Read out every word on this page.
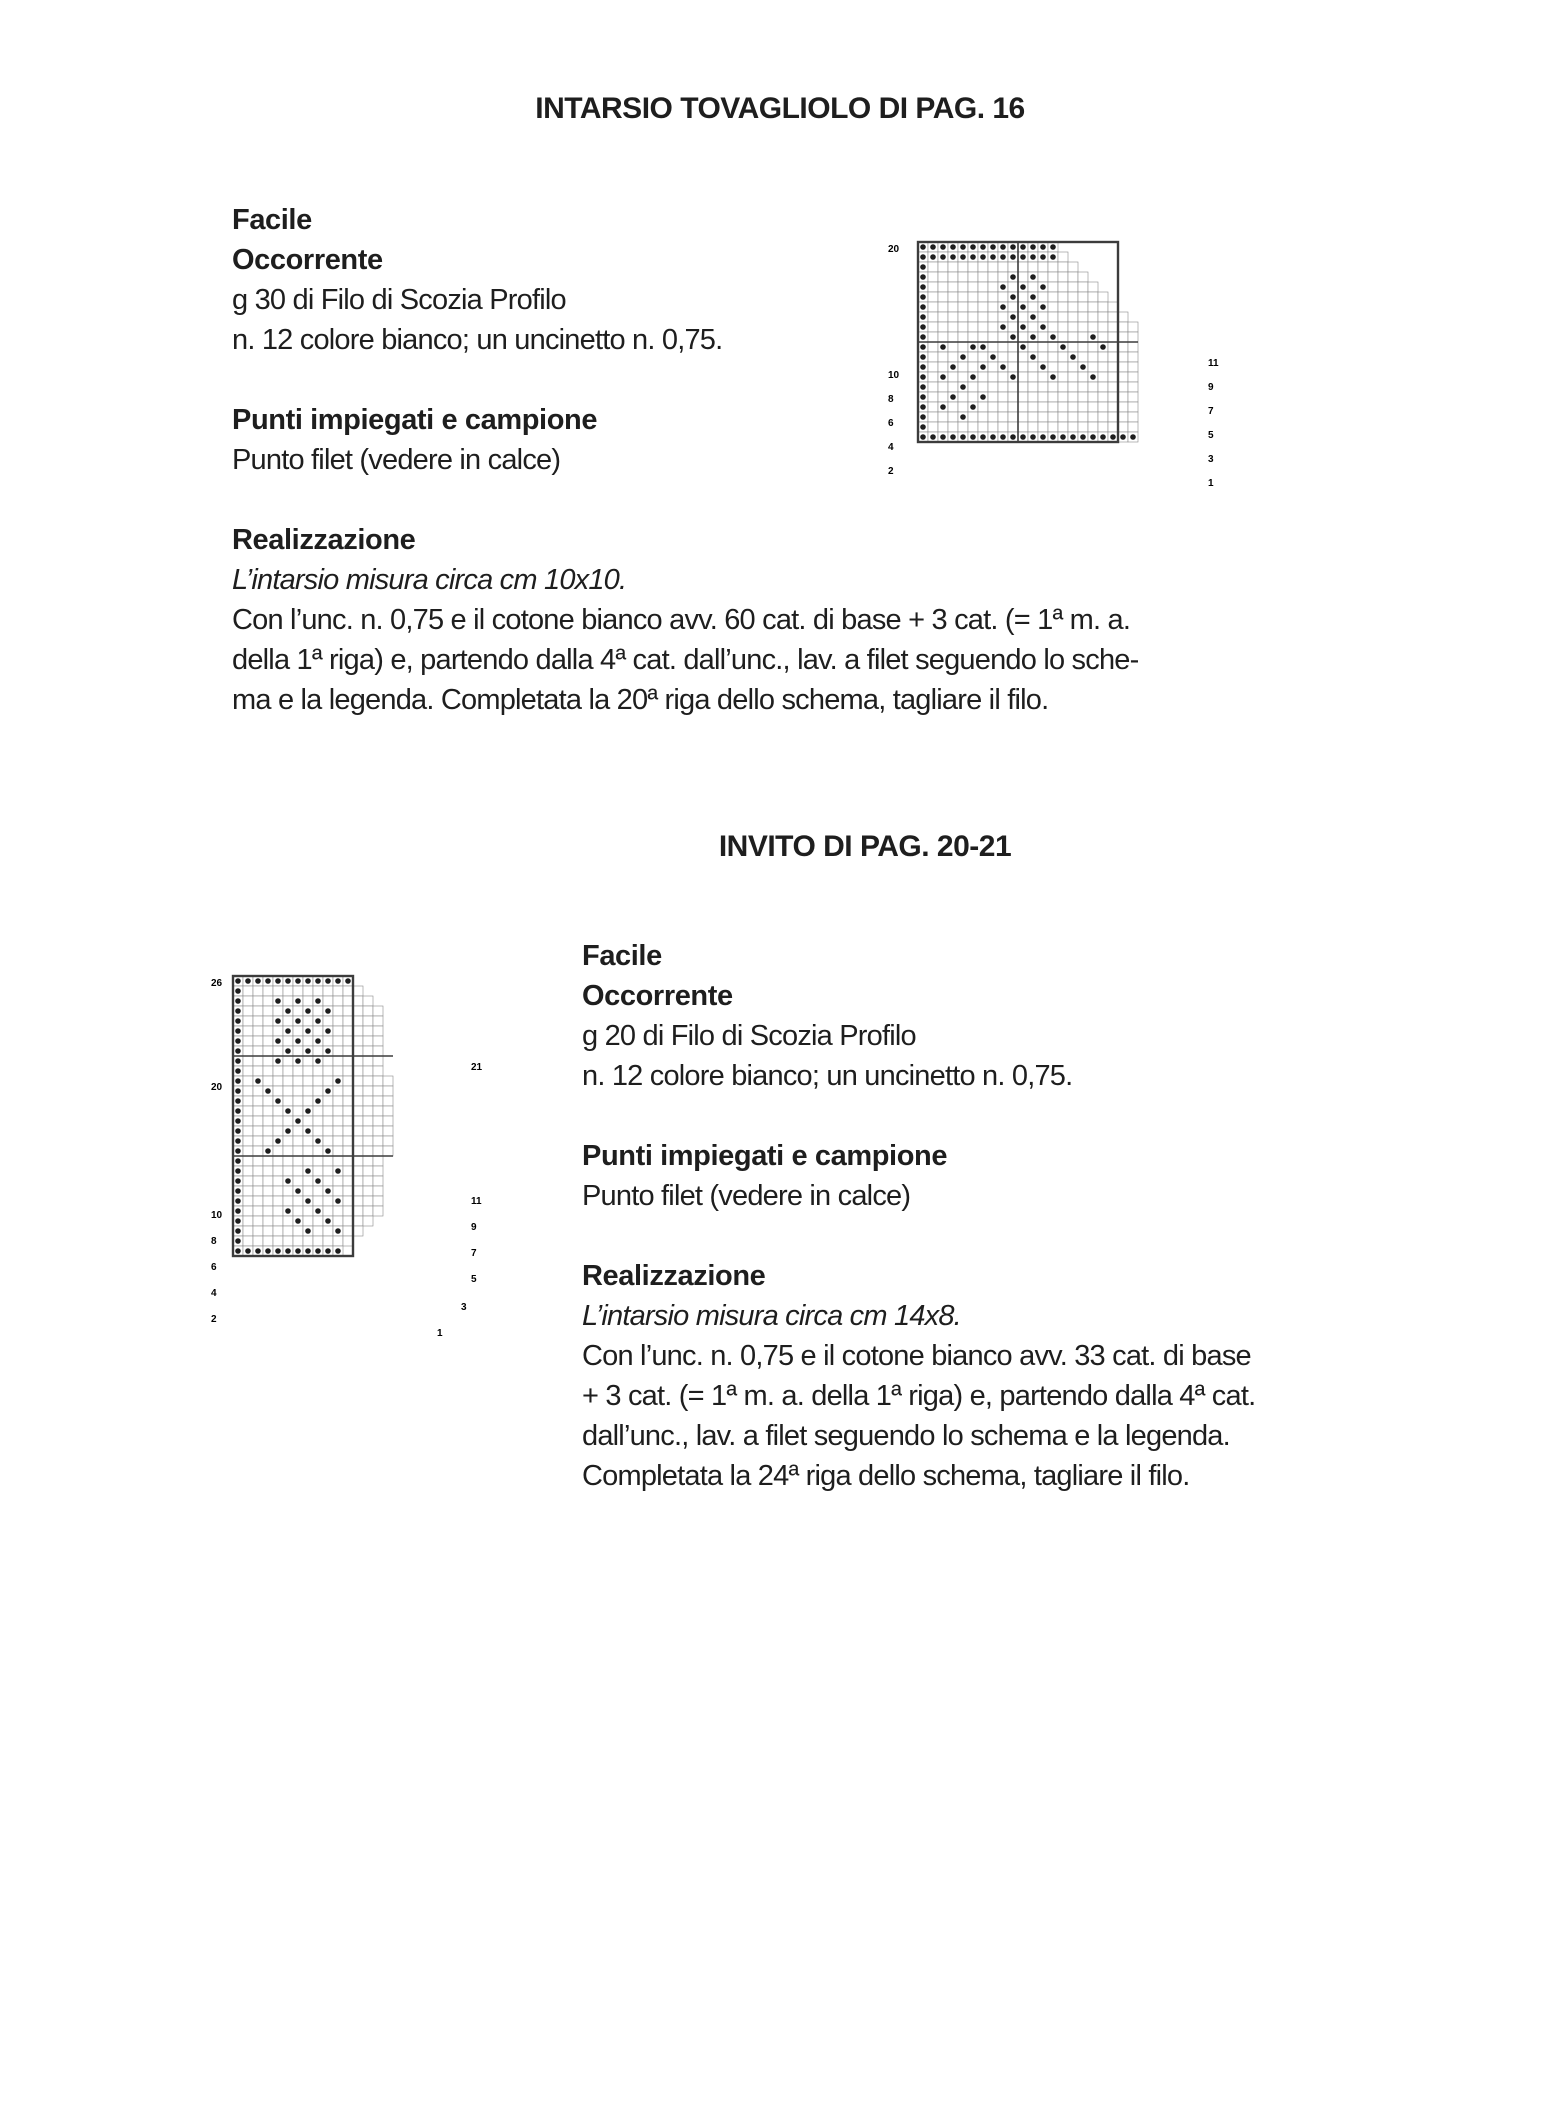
INTARSIO TOVAGLIOLO DI PAG. 16

Facile

Occorrente

g 30 di Filo di Scozia Profilo

n. 12 colore bianco; un uncinetto n. 0,75.

Punti impiegati e campione

Punto filet (vedere in calce)

Realizzazione

L’intarsio misura circa cm 10x10.

Con l’unc. n. 0,75 e il cotone bianco avv. 60 cat. di base + 3 cat. (= 1ª m. a.

della 1ª riga) e, partendo dalla 4ª cat. dall’unc., lav. a filet seguendo lo sche-

ma e la legenda. Completata la 20ª riga dello schema, tagliare il filo.

20
10
8
6
4
2
11
9
7
5
3
1
INVITO DI PAG. 20-21

Facile

Occorrente

g 20 di Filo di Scozia Profilo

n. 12 colore bianco; un uncinetto n. 0,75.

Punti impiegati e campione

Punto filet (vedere in calce)

Realizzazione

L’intarsio misura circa cm 14x8.

Con l’unc. n. 0,75 e il cotone bianco avv. 33 cat. di base

+ 3 cat. (= 1ª m. a. della 1ª riga) e, partendo dalla 4ª cat.

dall’unc., lav. a filet seguendo lo schema e la legenda.

Completata la 24ª riga dello schema, tagliare il filo.

26
20
10
8
6
4
2
21
11
9
7
5
3
1
